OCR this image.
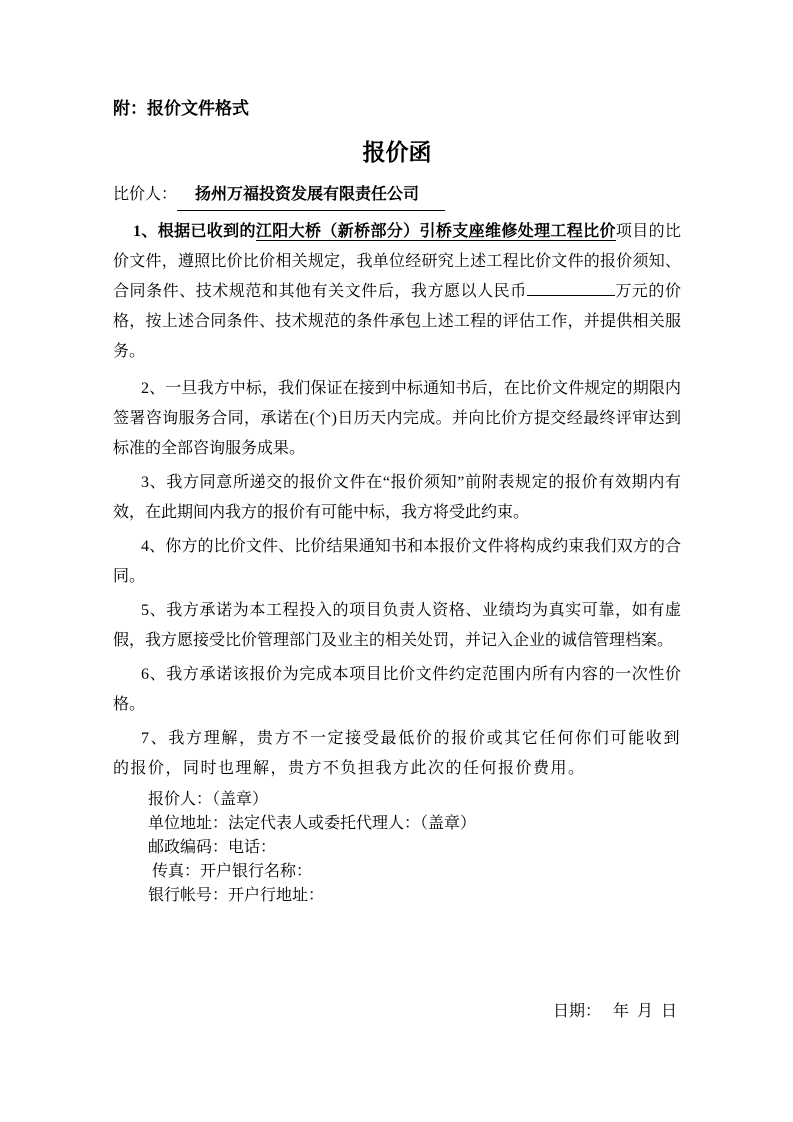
附：报价文件格式
报价函
比价人： 扬州万福投资发展有限责任公司
1、根据已收到的江阳大桥（新桥部分）引桥支座维修处理工程比价项目的比价文件，遵照比价比价相关规定，我单位经研究上述工程比价文件的报价须知、合同条件、技术规范和其他有关文件后，我方愿以人民币	万元的价格，按上述合同条件、技术规范的条件承包上述工程的评估工作，并提供相关服务。
2、一旦我方中标，我们保证在接到中标通知书后，在比价文件规定的期限内签署咨询服务合同，承诺在(个)日历天内完成。并向比价方提交经最终评审达到标准的全部咨询服务成果。
3、我方同意所递交的报价文件在“报价须知”前附表规定的报价有效期内有效，在此期间内我方的报价有可能中标，我方将受此约束。
4、你方的比价文件、比价结果通知书和本报价文件将构成约束我们双方的合同。
5、我方承诺为本工程投入的项目负责人资格、业绩均为真实可靠，如有虚假，我方愿接受比价管理部门及业主的相关处罚，并记入企业的诚信管理档案。
6、我方承诺该报价为完成本项目比价文件约定范围内所有内容的一次性价格。
7、我方理解，贵方不一定接受最低价的报价或其它任何你们可能收到的报价，同时也理解，贵方不负担我方此次的任何报价费用。
报价人：（盖章）
单位地址：法定代表人或委托代理人：（盖章）
邮政编码：电话：
传真：开户银行名称：
银行帐号：开户行地址：
日期：　 年  月  日
